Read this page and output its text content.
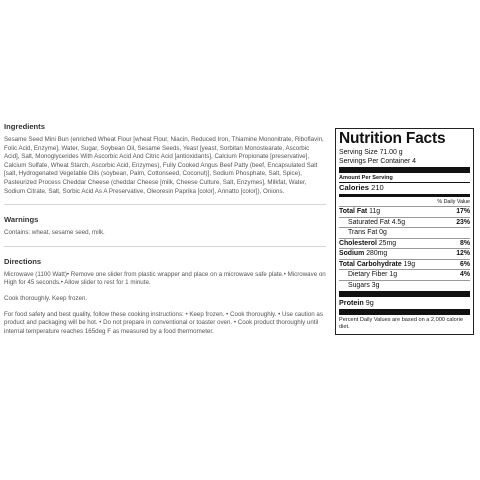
Ingredients

Sesame Seed Mini Bun (enriched Wheat Flour [wheat Flour, Niacin, Reduced Iron, Thiamine Mononitrate, Riboflavin, Folic Acid, Enzyme], Water, Sugar, Soybean Oil, Sesame Seeds, Yeast [yeast, Sorbitan Monostearate, Ascorbic Acid], Salt, Monoglycerides With Ascorbic Acid And Citric Acid [antioxidants], Calcium Propionate [preservative], Calcium Sulfate, Wheat Starch, Ascorbic Acid, Enzymes), Fully Cooked Angus Beef Patty (beef, Encapsulated Salt [salt, Hydrogenated Vegetable Oils (soybean, Palm, Cottonseed, Coconut)], Sodium Phosphate, Salt, Spice), Pasteurized Process Cheddar Cheese (cheddar Cheese [milk, Cheese Culture, Salt, Enzymes], Milkfat, Water, Sodium Citrate, Salt, Sorbic Acid As A Preservative, Oleoresin Paprika [color], Annatto [color]), Onions.

Warnings

Contains: wheat, sesame seed, milk.

Directions

Microwave (1100 Watt)• Remove one slider from plastic wrapper and place on a microwave safe plate.• Microwave on High for 45 seconds.• Allow slider to rest for 1 minute.

Cook thoroughly. Keep frozen.

For food safety and best quality, follow these cooking instructions: • Keep frozen. • Cook thoroughly. • Use caution as product and packaging will be hot. • Do not prepare in conventional or toaster oven. • Cook product thoroughly until internal temperature reaches 165deg F as measured by a food thermometer.

Nutrition Facts
Serving Size 71.00 g
Servings Per Container 4
Amount Per Serving
Calories 210
% Daily Value
Total Fat 11g	17%
Saturated Fat 4.5g	23%
Trans Fat 0g
Cholesterol 25mg	8%
Sodium 280mg	12%
Total Carbohydrate 19g	6%
Dietary Fiber 1g	4%
Sugars 3g
Protein 9g
Percent Daily Values are based on a 2,000 calorie diet.
